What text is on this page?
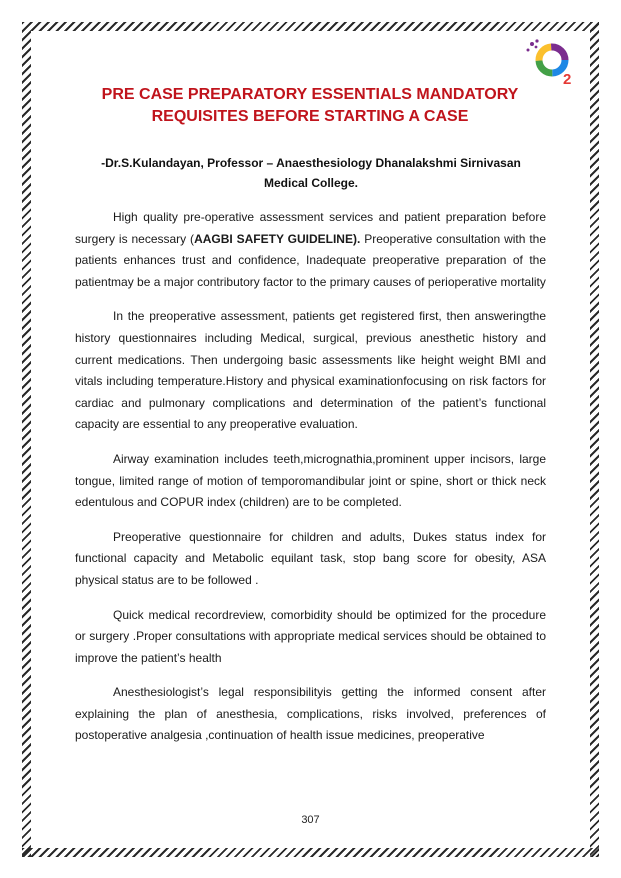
2
PRE CASE PREPARATORY ESSENTIALS MANDATORY
REQUISITES BEFORE STARTING A CASE
-Dr.S.Kulandayan, Professor – Anaesthesiology Dhanalakshmi Sirnivasan
Medical College.

High quality pre-operative assessment services and patient preparation before surgery is necessary (AAGBI SAFETY GUIDELINE). Preoperative consultation with the patients enhances trust and confidence, Inadequate preoperative preparation of the patientmay be a major contributory factor to the primary causes of perioperative mortality

In the preoperative assessment, patients get registered first, then answeringthe history questionnaires including Medical, surgical, previous anesthetic history and current medications. Then undergoing basic assessments like height weight BMI and vitals including temperature.History and physical examinationfocusing on risk factors for cardiac and pulmonary complications and determination of the patient’s functional capacity are essential to any preoperative evaluation.

Airway examination includes teeth,micrognathia,prominent upper incisors, large tongue, limited range of motion of temporomandibular joint or spine, short or thick neck edentulous and COPUR index (children) are to be completed.

Preoperative questionnaire for children and adults, Dukes status index for functional capacity and Metabolic equilant task, stop bang score for obesity, ASA physical status are to be followed .

Quick medical recordreview, comorbidity should be optimized for the procedure or surgery .Proper consultations with appropriate medical services should be obtained to improve the patient’s health

Anesthesiologist’s legal responsibilityis getting the informed consent after explaining the plan of anesthesia, complications, risks involved, preferences of postoperative analgesia ,continuation of health issue medicines, preoperative

307
